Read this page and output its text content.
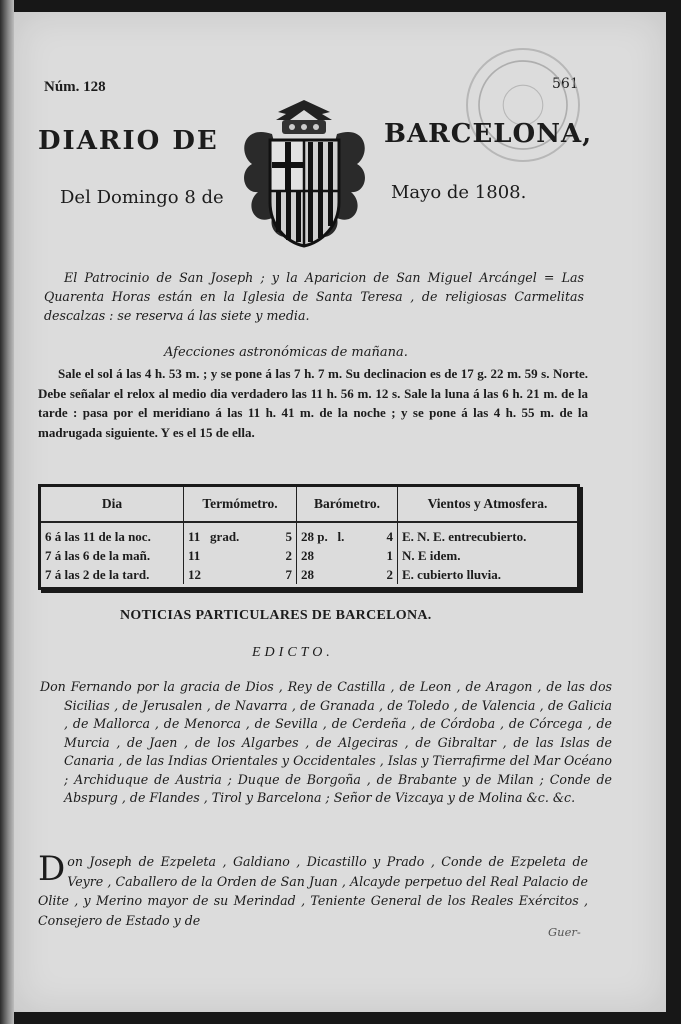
Núm. 128	561
DIARIO DE	BARCELONA,
Del Domingo 8 de	Mayo de 1808.

El Patrocinio de San Joseph ; y la Aparicion de San Miguel Arcángel = Las Quarenta Horas están en la Iglesia de Santa Teresa , de religiosas Carmelitas descalzas : se reserva á las siete y media.

Afecciones astronómicas de mañana.

Sale el sol á las 4 h. 53 m. ; y se pone á las 7 h. 7 m. Su declinacion es de 17 g. 22 m. 59 s. Norte. Debe señalar el relox al medio dia verdadero las 11 h. 56 m. 12 s. Sale la luna á las 6 h. 21 m. de la tarde : pasa por el meridiano á las 11 h. 41 m. de la noche ; y se pone á las 4 h. 55 m. de la madrugada siguiente. Y es el 15 de ella.

Dia	Termómetro.	Barómetro.	Vientos y Atmosfera.
6 á las 11 de la noc.	11 grad. 5	28 p. l. 4	E. N. E. entrecubierto.
7 á las 6 de la mañ.	11 2	28 1	N. E idem.
7 á las 2 de la tard.	12 7	28 2	E. cubierto lluvia.
NOTICIAS PARTICULARES DE BARCELONA.
EDICTO.

Don Fernando por la gracia de Dios , Rey de Castilla , de Leon , de Aragon , de las dos Sicilias , de Jerusalen , de Navarra , de Granada , de Toledo , de Valencia , de Galicia , de Mallorca , de Menorca , de Sevilla , de Cerdeña , de Córdoba , de Córcega , de Murcia , de Jaen , de los Algarbes , de Algeciras , de Gibraltar , de las Islas de Canaria , de las Indias Orientales y Occidentales , Islas y Tierrafirme del Mar Océano ; Archiduque de Austria ; Duque de Borgoña , de Brabante y de Milan ; Conde de Abspurg , de Flandes , Tirol y Barcelona ; Señor de Vizcaya y de Molina &c. &c.

Don Joseph de Ezpeleta , Galdiano , Dicastillo y Prado , Conde de Ezpeleta de Veyre , Caballero de la Orden de San Juan , Alcayde perpetuo del Real Palacio de Olite , y Merino mayor de su Merindad , Teniente General de los Reales Exércitos , Consejero de Estado y de

Guer-
